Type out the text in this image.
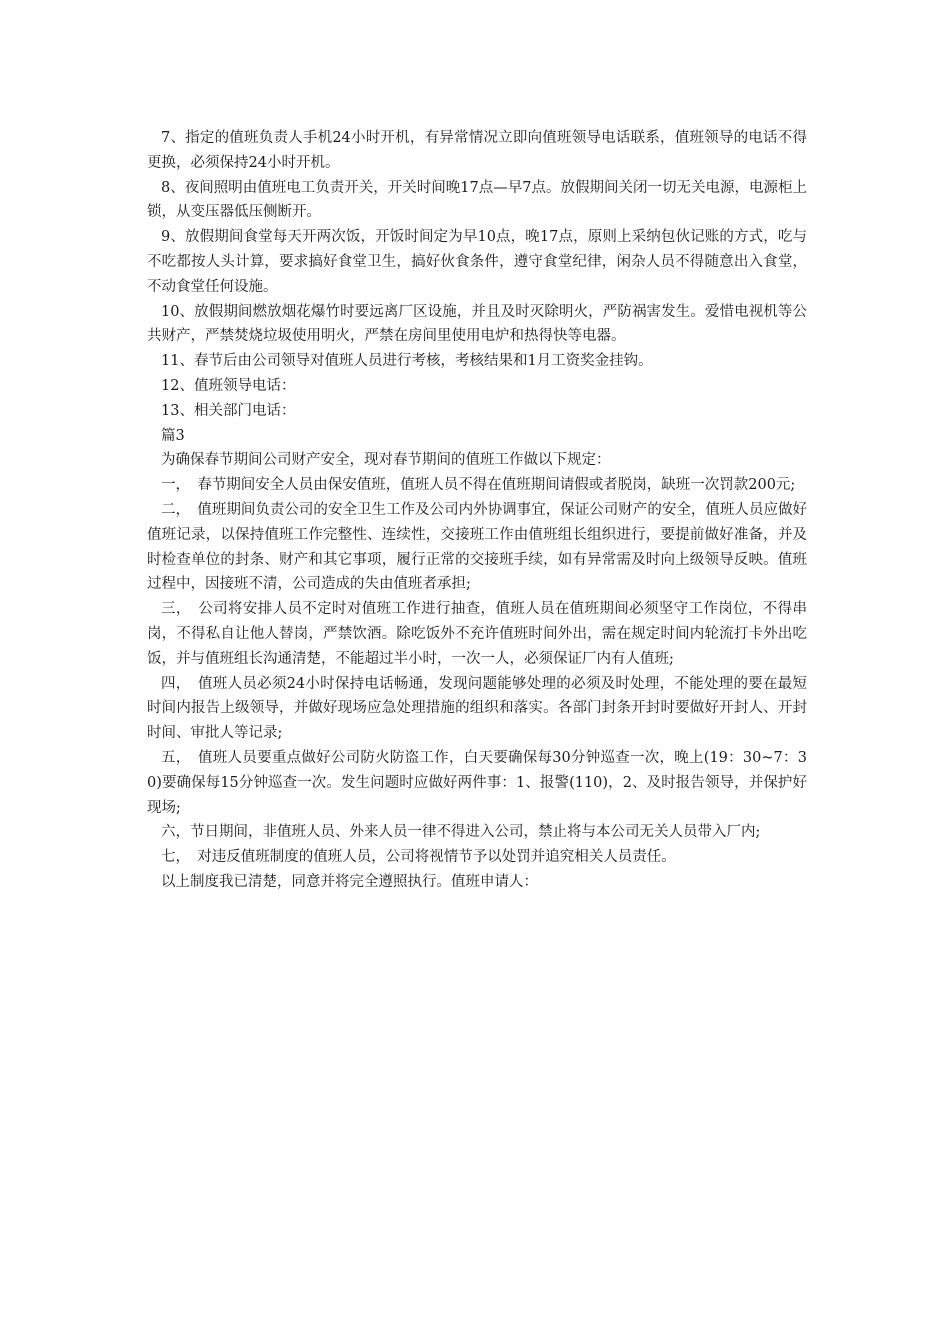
7、指定的值班负责人手机24小时开机，有异常情况立即向值班领导电话联系，值班领导的电话不得更换，必须保持24小时开机。

8、夜间照明由值班电工负责开关，开关时间晚17点—早7点。放假期间关闭一切无关电源，电源柜上锁，从变压器低压侧断开。

9、放假期间食堂每天开两次饭，开饭时间定为早10点，晚17点，原则上采纳包伙记账的方式，吃与不吃都按人头计算，要求搞好食堂卫生，搞好伙食条件，遵守食堂纪律，闲杂人员不得随意出入食堂，不动食堂任何设施。

10、放假期间燃放烟花爆竹时要远离厂区设施，并且及时灭除明火，严防祸害发生。爱惜电视机等公共财产，严禁焚烧垃圾使用明火，严禁在房间里使用电炉和热得快等电器。

11、春节后由公司领导对值班人员进行考核，考核结果和1月工资奖金挂钩。

12、值班领导电话：

13、相关部门电话：

篇3

为确保春节期间公司财产安全，现对春节期间的值班工作做以下规定：

一，　春节期间安全人员由保安值班，值班人员不得在值班期间请假或者脱岗，缺班一次罚款200元;

二，　值班期间负责公司的安全卫生工作及公司内外协调事宜，保证公司财产的安全，值班人员应做好值班记录，以保持值班工作完整性、连续性，交接班工作由值班组长组织进行，要提前做好准备，并及时检查单位的封条、财产和其它事项，履行正常的交接班手续，如有异常需及时向上级领导反映。值班过程中，因接班不清，公司造成的失由值班者承担;

三，　公司将安排人员不定时对值班工作进行抽查，值班人员在值班期间必须坚守工作岗位，不得串岗，不得私自让他人替岗，严禁饮酒。除吃饭外不充许值班时间外出，需在规定时间内轮流打卡外出吃饭，并与值班组长沟通清楚，不能超过半小时，一次一人，必须保证厂内有人值班;

四，　值班人员必须24小时保持电话畅通，发现问题能够处理的必须及时处理，不能处理的要在最短时间内报告上级领导，并做好现场应急处理措施的组织和落实。各部门封条开封时要做好开封人、开封时间、审批人等记录;

五，　值班人员要重点做好公司防火防盗工作，白天要确保每30分钟巡查一次，晚上(19：30~7：30)要确保每15分钟巡查一次。发生问题时应做好两件事：1、报警(110)，2、及时报告领导，并保护好现场;

六，节日期间，非值班人员、外来人员一律不得进入公司，禁止将与本公司无关人员带入厂内;

七，　对违反值班制度的值班人员，公司将视情节予以处罚并追究相关人员责任。

以上制度我已清楚，同意并将完全遵照执行。值班申请人：
